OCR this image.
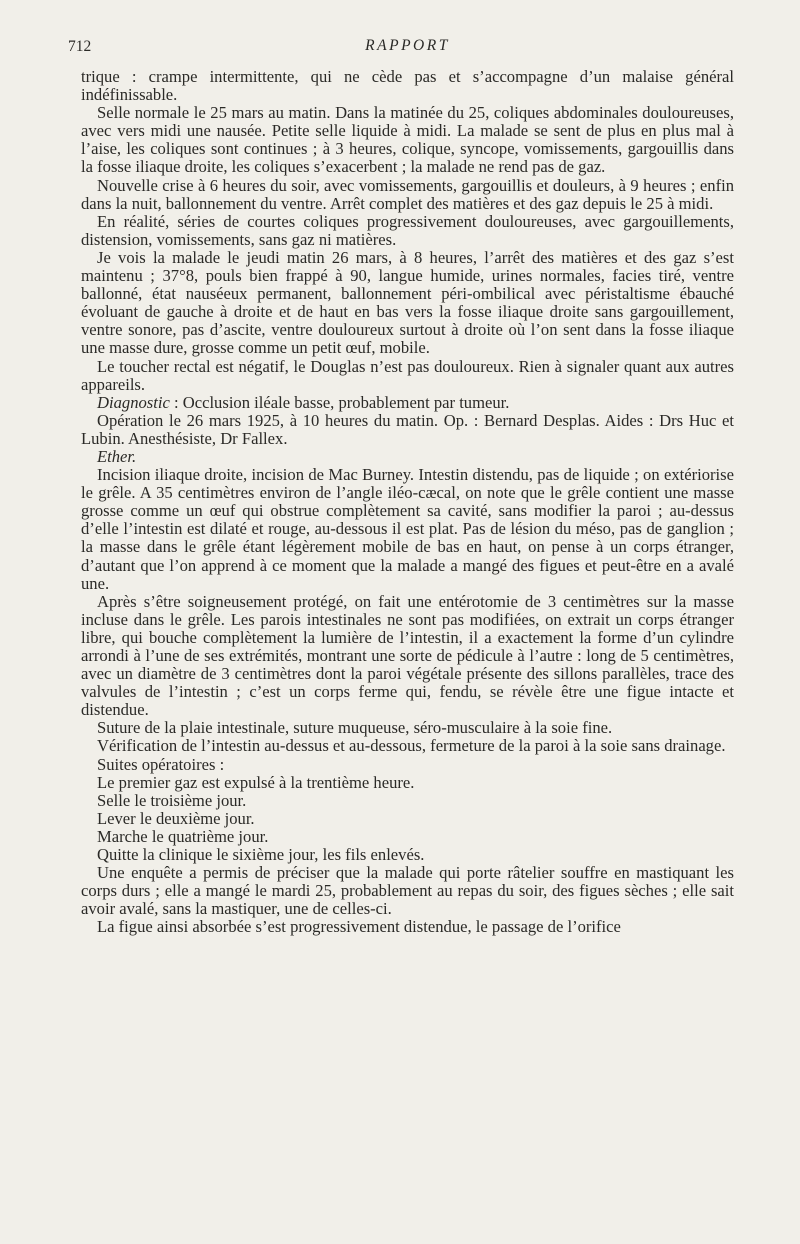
712	RAPPORT

trique : crampe intermittente, qui ne cède pas et s’accompagne d’un malaise général indéfinissable.

Selle normale le 25 mars au matin. Dans la matinée du 25, coliques abdominales douloureuses, avec vers midi une nausée. Petite selle liquide à midi. La malade se sent de plus en plus mal à l’aise, les coliques sont continues ; à 3 heures, colique, syncope, vomissements, gargouillis dans la fosse iliaque droite, les coliques s’exacerbent ; la malade ne rend pas de gaz.

Nouvelle crise à 6 heures du soir, avec vomissements, gargouillis et douleurs, à 9 heures ; enfin dans la nuit, ballonnement du ventre. Arrêt complet des matières et des gaz depuis le 25 à midi.

En réalité, séries de courtes coliques progressivement douloureuses, avec gargouillements, distension, vomissements, sans gaz ni matières.

Je vois la malade le jeudi matin 26 mars, à 8 heures, l’arrêt des matières et des gaz s’est maintenu ; 37°8, pouls bien frappé à 90, langue humide, urines normales, facies tiré, ventre ballonné, état nauséeux permanent, ballonnement péri-ombilical avec péristaltisme ébauché évoluant de gauche à droite et de haut en bas vers la fosse iliaque droite sans gargouillement, ventre sonore, pas d’ascite, ventre douloureux surtout à droite où l’on sent dans la fosse iliaque une masse dure, grosse comme un petit œuf, mobile.

Le toucher rectal est négatif, le Douglas n’est pas douloureux. Rien à signaler quant aux autres appareils.

Diagnostic : Occlusion iléale basse, probablement par tumeur.

Opération le 26 mars 1925, à 10 heures du matin. Op. : Bernard Desplas. Aides : Drs Huc et Lubin. Anesthésiste, Dr Fallex.

Ether.

Incision iliaque droite, incision de Mac Burney. Intestin distendu, pas de liquide ; on extériorise le grêle. A 35 centimètres environ de l’angle iléo-cæcal, on note que le grêle contient une masse grosse comme un œuf qui obstrue complètement sa cavité, sans modifier la paroi ; au-dessus d’elle l’intestin est dilaté et rouge, au-dessous il est plat. Pas de lésion du méso, pas de ganglion ; la masse dans le grêle étant légèrement mobile de bas en haut, on pense à un corps étranger, d’autant que l’on apprend à ce moment que la malade a mangé des figues et peut-être en a avalé une.

Après s’être soigneusement protégé, on fait une entérotomie de 3 centimètres sur la masse incluse dans le grêle. Les parois intestinales ne sont pas modifiées, on extrait un corps étranger libre, qui bouche complètement la lumière de l’intestin, il a exactement la forme d’un cylindre arrondi à l’une de ses extrémités, montrant une sorte de pédicule à l’autre : long de 5 centimètres, avec un diamètre de 3 centimètres dont la paroi végétale présente des sillons parallèles, trace des valvules de l’intestin ; c’est un corps ferme qui, fendu, se révèle être une figue intacte et distendue.

Suture de la plaie intestinale, suture muqueuse, séro-musculaire à la soie fine.

Vérification de l’intestin au-dessus et au-dessous, fermeture de la paroi à la soie sans drainage.

Suites opératoires :

Le premier gaz est expulsé à la trentième heure.

Selle le troisième jour.

Lever le deuxième jour.

Marche le quatrième jour.

Quitte la clinique le sixième jour, les fils enlevés.

Une enquête a permis de préciser que la malade qui porte râtelier souffre en mastiquant les corps durs ; elle a mangé le mardi 25, probablement au repas du soir, des figues sèches ; elle sait avoir avalé, sans la mastiquer, une de celles-ci.

La figue ainsi absorbée s’est progressivement distendue, le passage de l’orifice
